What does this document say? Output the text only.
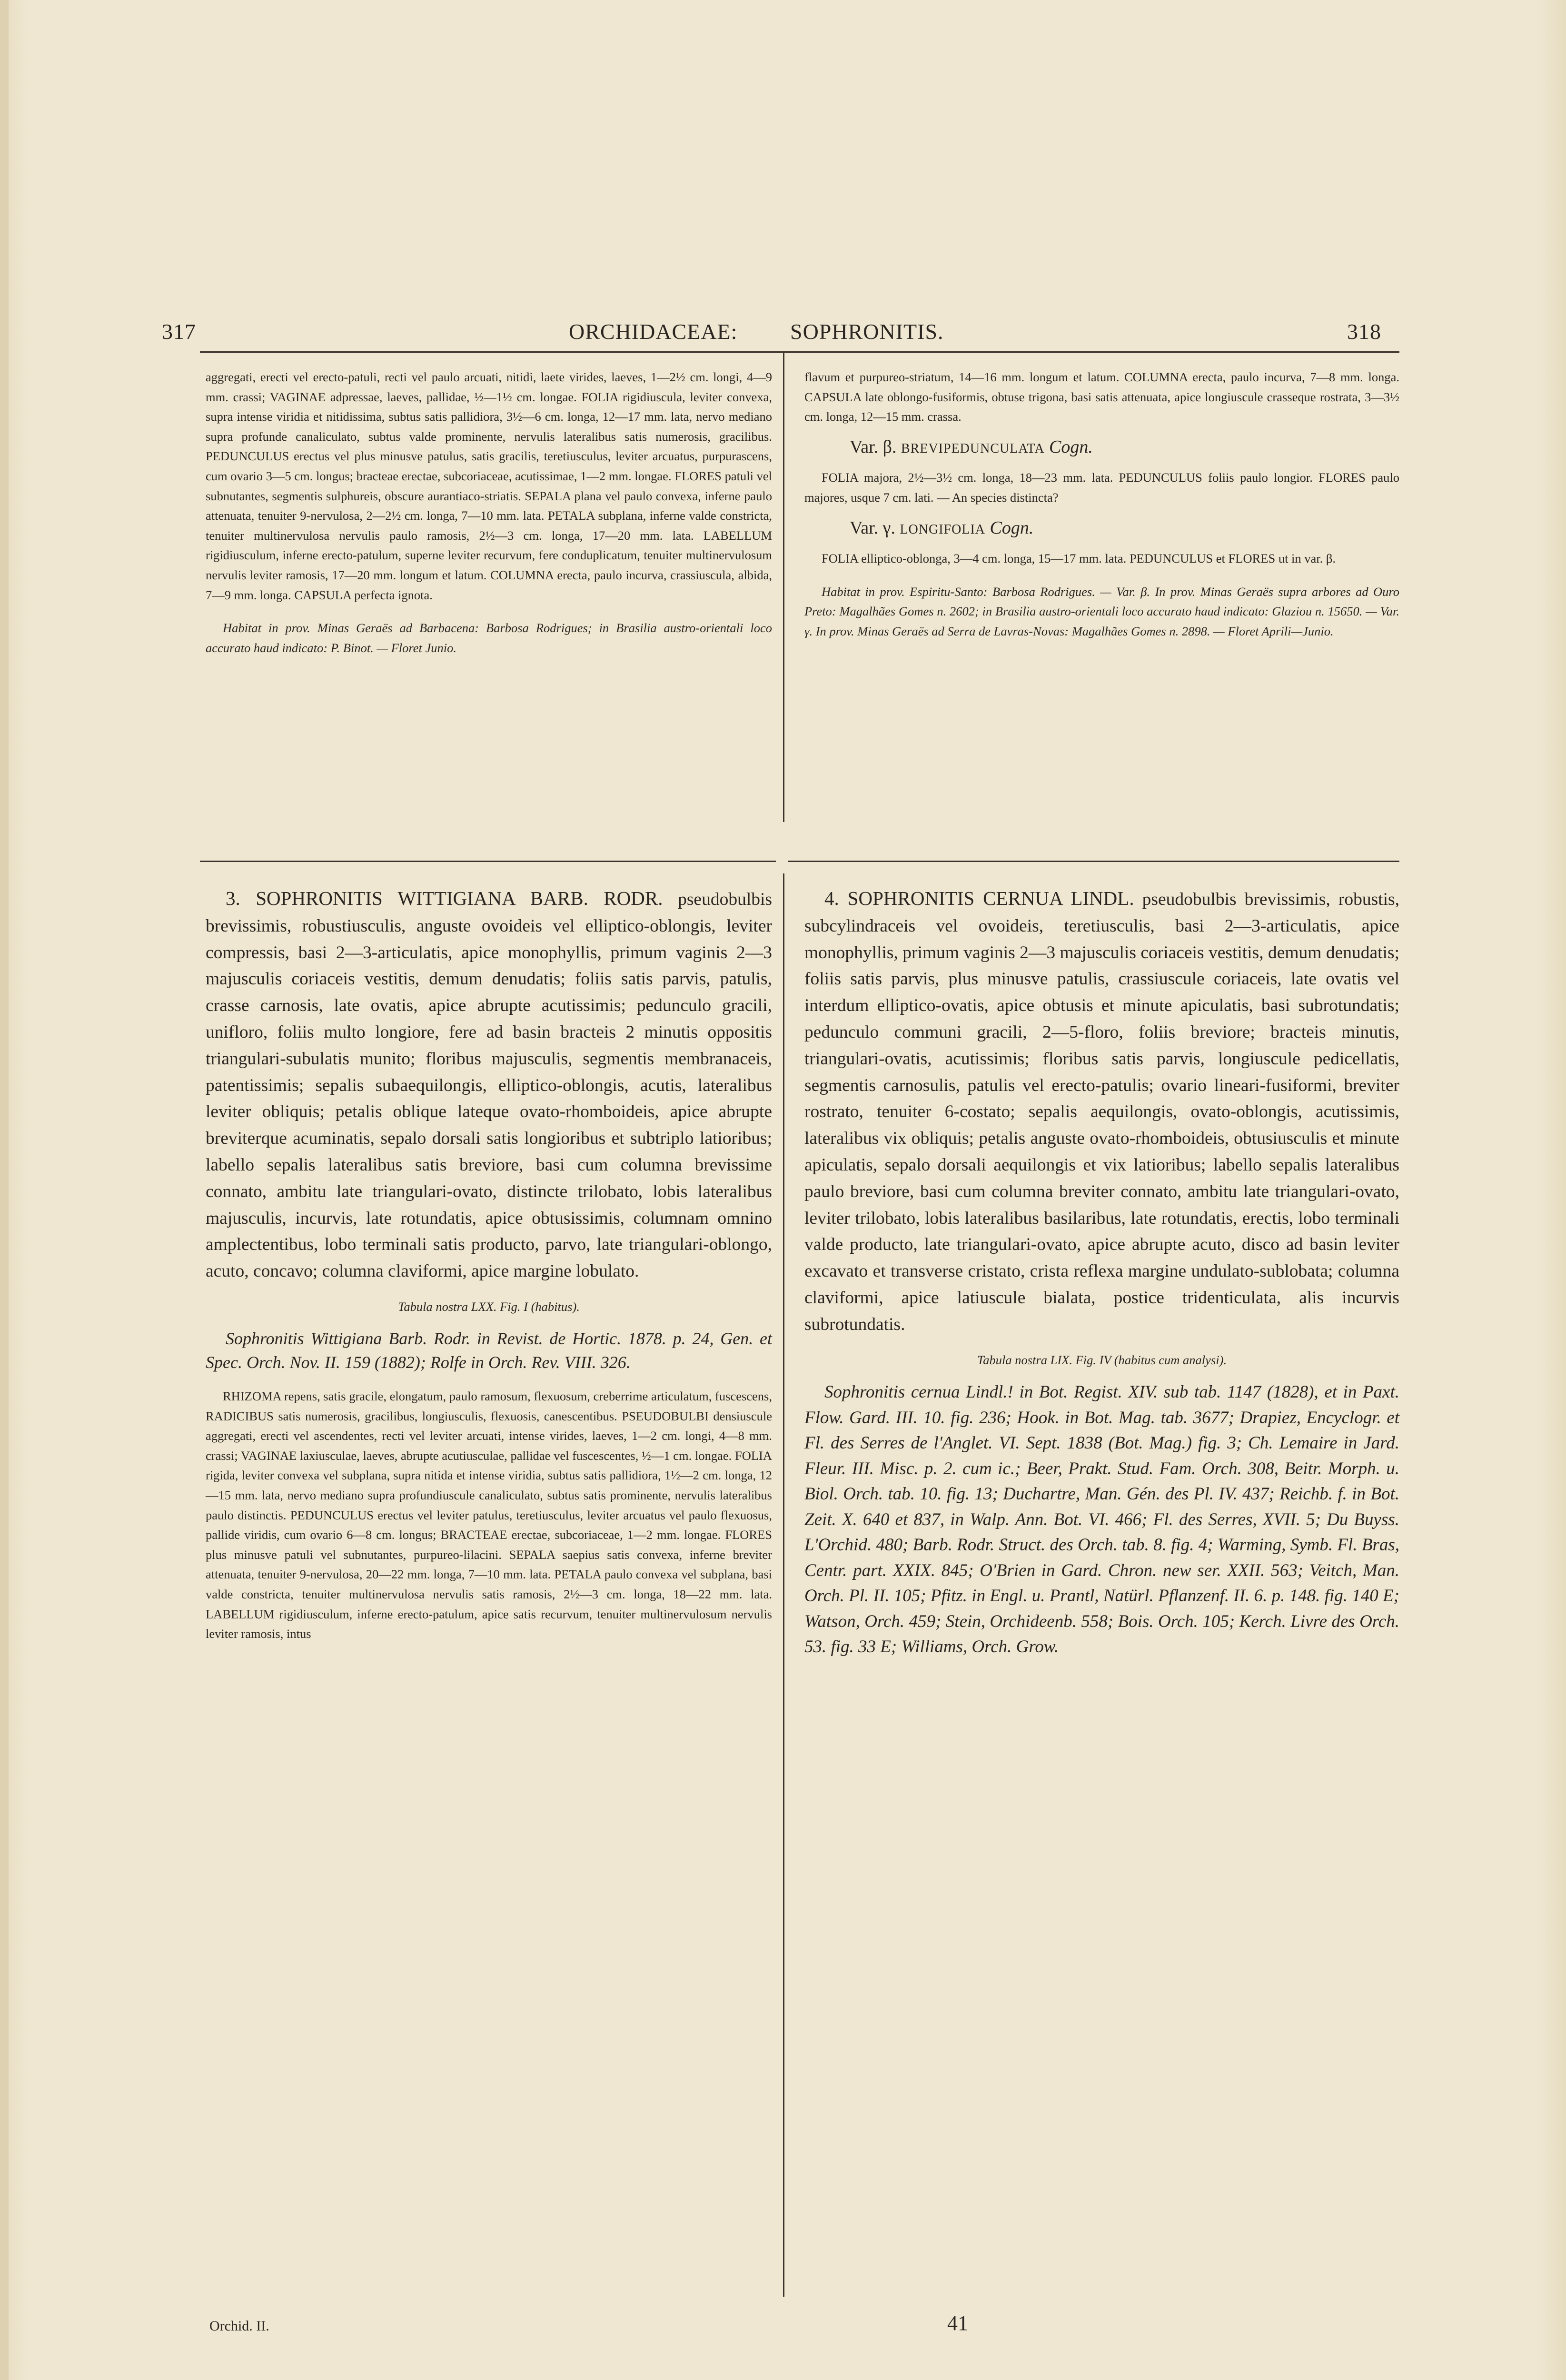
317	ORCHIDACEAE: SOPHRONITIS.	318

aggregati, erecti vel erecto-patuli, recti vel paulo arcuati, nitidi, laete virides, laeves, 1—2½ cm. longi, 4—9 mm. crassi; VAGINAE adpressae, laeves, pallidae, ½—1½ cm. longae. FOLIA rigidiuscula, leviter convexa, supra intense viridia et nitidissima, subtus satis pallidiora, 3½—6 cm. longa, 12—17 mm. lata, nervo mediano supra profunde canaliculato, subtus valde prominente, nervulis lateralibus satis numerosis, gracilibus. PEDUNCULUS erectus vel plus minusve patulus, satis gracilis, teretiusculus, leviter arcuatus, purpurascens, cum ovario 3—5 cm. longus; bracteae erectae, subcoriaceae, acutissimae, 1—2 mm. longae. FLORES patuli vel subnutantes, segmentis sulphureis, obscure aurantiaco-striatis. SEPALA plana vel paulo convexa, inferne paulo attenuata, tenuiter 9-nervulosa, 2—2½ cm. longa, 7—10 mm. lata. PETALA subplana, inferne valde constricta, tenuiter multinervulosa nervulis paulo ramosis, 2½—3 cm. longa, 17—20 mm. lata. LABELLUM rigidiusculum, inferne erecto-patulum, superne leviter recurvum, fere conduplicatum, tenuiter multinervulosum nervulis leviter ramosis, 17—20 mm. longum et latum. COLUMNA erecta, paulo incurva, crassiuscula, albida, 7—9 mm. longa. CAPSULA perfecta ignota.

Habitat in prov. Minas Geraës ad Barbacena: Barbosa Rodrigues; in Brasilia austro-orientali loco accurato haud indicato: P. Binot. — Floret Junio.

flavum et purpureo-striatum, 14—16 mm. longum et latum. COLUMNA erecta, paulo incurva, 7—8 mm. longa. CAPSULA late oblongo-fusiformis, obtuse trigona, basi satis attenuata, apice longiuscule crasseque rostrata, 3—3½ cm. longa, 12—15 mm. crassa.

Var. β. BREVIPEDUNCULATA Cogn.

FOLIA majora, 2½—3½ cm. longa, 18—23 mm. lata. PEDUNCULUS foliis paulo longior. FLORES paulo majores, usque 7 cm. lati. — An species distincta?

Var. γ. LONGIFOLIA Cogn.

FOLIA elliptico-oblonga, 3—4 cm. longa, 15—17 mm. lata. PEDUNCULUS et FLORES ut in var. β.

Habitat in prov. Espiritu-Santo: Barbosa Rodrigues. — Var. β. In prov. Minas Geraës supra arbores ad Ouro Preto: Magalhães Gomes n. 2602; in Brasilia austro-orientali loco accurato haud indicato: Glaziou n. 15650. — Var. γ. In prov. Minas Geraës ad Serra de Lavras-Novas: Magalhães Gomes n. 2898. — Floret Aprili—Junio.

3. SOPHRONITIS WITTIGIANA BARB. RODR. pseudobulbis brevissimis, robustiusculis, anguste ovoideis vel elliptico-oblongis, leviter compressis, basi 2—3-articulatis, apice monophyllis, primum vaginis 2—3 majusculis coriaceis vestitis, demum denudatis; foliis satis parvis, patulis, crasse carnosis, late ovatis, apice abrupte acutissimis; pedunculo gracili, unifloro, foliis multo longiore, fere ad basin bracteis 2 minutis oppositis triangulari-subulatis munito; floribus majusculis, segmentis membranaceis, patentissimis; sepalis subaequilongis, elliptico-oblongis, acutis, lateralibus leviter obliquis; petalis oblique lateque ovato-rhomboideis, apice abrupte breviterque acuminatis, sepalo dorsali satis longioribus et subtriplo latioribus; labello sepalis lateralibus satis breviore, basi cum columna brevissime connato, ambitu late triangulari-ovato, distincte trilobato, lobis lateralibus majusculis, incurvis, late rotundatis, apice obtusissimis, columnam omnino amplectentibus, lobo terminali satis producto, parvo, late triangulari-oblongo, acuto, concavo; columna claviformi, apice margine lobulato.

Tabula nostra LXX. Fig. I (habitus).

Sophronitis Wittigiana Barb. Rodr. in Revist. de Hortic. 1878. p. 24, Gen. et Spec. Orch. Nov. II. 159 (1882); Rolfe in Orch. Rev. VIII. 326.

RHIZOMA repens, satis gracile, elongatum, paulo ramosum, flexuosum, creberrime articulatum, fuscescens, RADICIBUS satis numerosis, gracilibus, longiusculis, flexuosis, canescentibus. PSEUDOBULBI densiuscule aggregati, erecti vel ascendentes, recti vel leviter arcuati, intense virides, laeves, 1—2 cm. longi, 4—8 mm. crassi; VAGINAE laxiusculae, laeves, abrupte acutiusculae, pallidae vel fuscescentes, ½—1 cm. longae. FOLIA rigida, leviter convexa vel subplana, supra nitida et intense viridia, subtus satis pallidiora, 1½—2 cm. longa, 12—15 mm. lata, nervo mediano supra profundiuscule canaliculato, subtus satis prominente, nervulis lateralibus paulo distinctis. PEDUNCULUS erectus vel leviter patulus, teretiusculus, leviter arcuatus vel paulo flexuosus, pallide viridis, cum ovario 6—8 cm. longus; BRACTEAE erectae, subcoriaceae, 1—2 mm. longae. FLORES plus minusve patuli vel subnutantes, purpureo-lilacini. SEPALA saepius satis convexa, inferne breviter attenuata, tenuiter 9-nervulosa, 20—22 mm. longa, 7—10 mm. lata. PETALA paulo convexa vel subplana, basi valde constricta, tenuiter multinervulosa nervulis satis ramosis, 2½—3 cm. longa, 18—22 mm. lata. LABELLUM rigidiusculum, inferne erecto-patulum, apice satis recurvum, tenuiter multinervulosum nervulis leviter ramosis, intus

4. SOPHRONITIS CERNUA LINDL. pseudobulbis brevissimis, robustis, subcylindraceis vel ovoideis, teretiusculis, basi 2—3-articulatis, apice monophyllis, primum vaginis 2—3 majusculis coriaceis vestitis, demum denudatis; foliis satis parvis, plus minusve patulis, crassiuscule coriaceis, late ovatis vel interdum elliptico-ovatis, apice obtusis et minute apiculatis, basi subrotundatis; pedunculo communi gracili, 2—5-floro, foliis breviore; bracteis minutis, triangulari-ovatis, acutissimis; floribus satis parvis, longiuscule pedicellatis, segmentis carnosulis, patulis vel erecto-patulis; ovario lineari-fusiformi, breviter rostrato, tenuiter 6-costato; sepalis aequilongis, ovato-oblongis, acutissimis, lateralibus vix obliquis; petalis anguste ovato-rhomboideis, obtusiusculis et minute apiculatis, sepalo dorsali aequilongis et vix latioribus; labello sepalis lateralibus paulo breviore, basi cum columna breviter connato, ambitu late triangulari-ovato, leviter trilobato, lobis lateralibus basilaribus, late rotundatis, erectis, lobo terminali valde producto, late triangulari-ovato, apice abrupte acuto, disco ad basin leviter excavato et transverse cristato, crista reflexa margine undulato-sublobata; columna claviformi, apice latiuscule bialata, postice tridenticulata, alis incurvis subrotundatis.

Tabula nostra LIX. Fig. IV (habitus cum analysi).

Sophronitis cernua Lindl.! in Bot. Regist. XIV. sub tab. 1147 (1828), et in Paxt. Flow. Gard. III. 10. fig. 236; Hook. in Bot. Mag. tab. 3677; Drapiez, Encyclogr. et Fl. des Serres de l'Anglet. VI. Sept. 1838 (Bot. Mag.) fig. 3; Ch. Lemaire in Jard. Fleur. III. Misc. p. 2. cum ic.; Beer, Prakt. Stud. Fam. Orch. 308, Beitr. Morph. u. Biol. Orch. tab. 10. fig. 13; Duchartre, Man. Gén. des Pl. IV. 437; Reichb. f. in Bot. Zeit. X. 640 et 837, in Walp. Ann. Bot. VI. 466; Fl. des Serres, XVII. 5; Du Buyss. L'Orchid. 480; Barb. Rodr. Struct. des Orch. tab. 8. fig. 4; Warming, Symb. Fl. Bras, Centr. part. XXIX. 845; O'Brien in Gard. Chron. new ser. XXII. 563; Veitch, Man. Orch. Pl. II. 105; Pfitz. in Engl. u. Prantl, Natürl. Pflanzenf. II. 6. p. 148. fig. 140 E; Watson, Orch. 459; Stein, Orchideenb. 558; Bois. Orch. 105; Kerch. Livre des Orch. 53. fig. 33 E; Williams, Orch. Grow.

Orchid. II.	41
